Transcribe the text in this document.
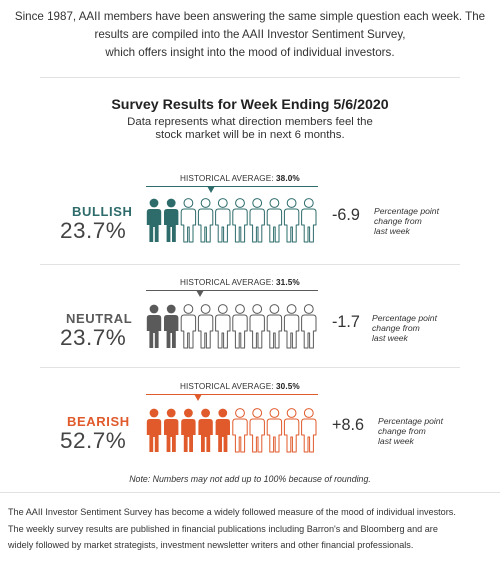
Since 1987, AAII members have been answering the same simple question each week. The
results are compiled into the AAII Investor Sentiment Survey,
which offers insight into the mood of individual investors.
Survey Results for Week Ending 5/6/2020
Data represents what direction members feel the
stock market will be in next 6 months.
HISTORICAL AVERAGE: 38.0%
BULLISH
23.7%
-6.9 Percentage point
change from
last week
HISTORICAL AVERAGE: 31.5%
NEUTRAL
23.7%
-1.7 Percentage point
change from
last week
HISTORICAL AVERAGE: 30.5%
BEARISH
52.7%
+8.6 Percentage point
change from
last week
Note: Numbers may not add up to 100% because of rounding.
The AAII Investor Sentiment Survey has become a widely followed measure of the mood of individual investors.
The weekly survey results are published in financial publications including Barron's and Bloomberg and are
widely followed by market strategists, investment newsletter writers and other financial professionals.
